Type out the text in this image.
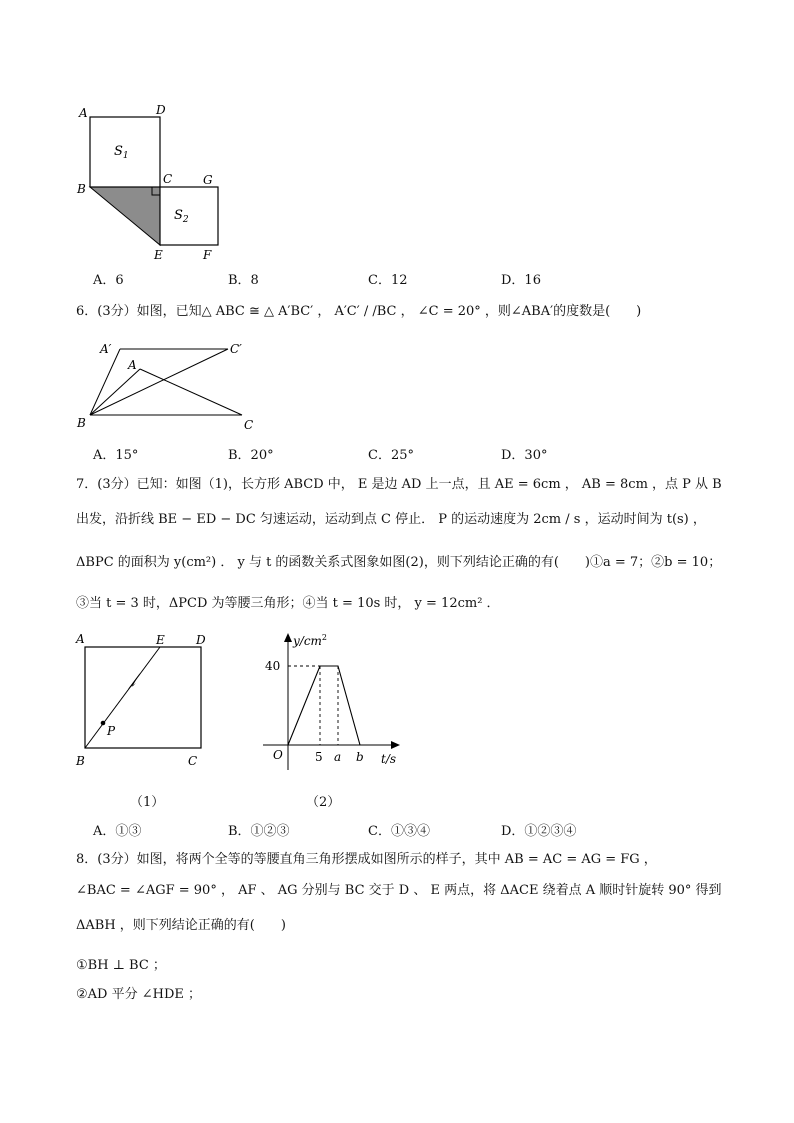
A	D
B
C	G
E	F
$S_1$
$S_2$
A．6	B．8	C．12	D．16
6．(3分）如图，已知△ ABC ≅ △ A′BC′ ， A′C′ / /BC ， ∠C = 20° ，则∠ABA′的度数是(　　)
A′	C′
A
B	C
A．15°	B．20°	C．25°	D．30°
7．(3分）已知：如图（1)，长方形 ABCD 中， E 是边 AD 上一点，且 AE = 6cm ， AB = 8cm ，点 P 从 B
出发，沿折线 BE − ED − DC 匀速运动，运动到点 C 停止． P 的运动速度为 2cm / s ，运动时间为 t(s) ，
ΔBPC 的面积为 y(cm²) ． y 与 t 的函数关系式图象如图(2)，则下列结论正确的有(　　)①a = 7；②b = 10；
③当 t = 3 时，ΔPCD 为等腰三角形；④当 t = 10s 时， y = 12cm² ．
A	E	D
P
B	C
$y/cm^2$
40
O	5 a b t/s
（1）	（2）
A．①③	B．①②③	C．①③④	D．①②③④
8．(3分）如图，将两个全等的等腰直角三角形摆成如图所示的样子，其中 AB = AC = AG = FG ，
∠BAC = ∠AGF = 90° ， AF 、 AG 分别与 BC 交于 D 、 E 两点，将 ΔACE 绕着点 A 顺时针旋转 90° 得到
ΔABH ，则下列结论正确的有(　　)
①BH ⊥ BC ；
②AD 平分 ∠HDE ；
